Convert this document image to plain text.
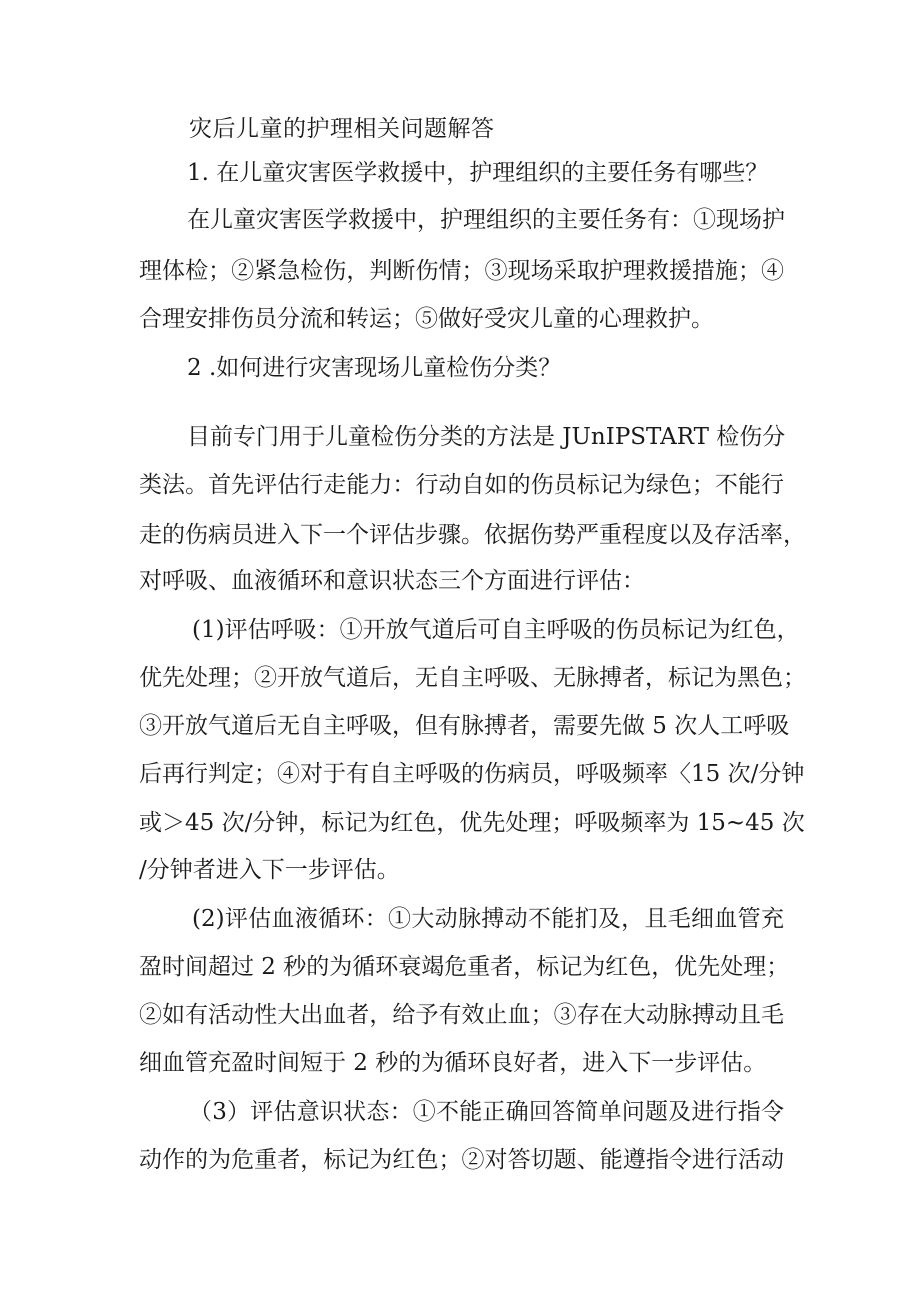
灾后儿童的护理相关问题解答
1. 在儿童灾害医学救援中，护理组织的主要任务有哪些？
在儿童灾害医学救援中，护理组织的主要任务有：①现场护
理体检；②紧急检伤，判断伤情；③现场采取护理救援措施；④
合理安排伤员分流和转运；⑤做好受灾儿童的心理救护。
2 .如何进行灾害现场儿童检伤分类？
目前专门用于儿童检伤分类的方法是 JUnIPSTART 检伤分
类法。首先评估行走能力：行动自如的伤员标记为绿色；不能行
走的伤病员进入下一个评估步骤。依据伤势严重程度以及存活率，
对呼吸、血液循环和意识状态三个方面进行评估：
(1)评估呼吸：①开放气道后可自主呼吸的伤员标记为红色，
优先处理；②开放气道后，无自主呼吸、无脉搏者，标记为黑色；
③开放气道后无自主呼吸，但有脉搏者，需要先做 5 次人工呼吸
后再行判定；④对于有自主呼吸的伤病员，呼吸频率〈15 次/分钟
或＞45 次/分钟，标记为红色，优先处理；呼吸频率为 15~45 次
/分钟者进入下一步评估。
(2)评估血液循环：①大动脉搏动不能扪及，且毛细血管充
盈时间超过 2 秒的为循环衰竭危重者，标记为红色，优先处理；
②如有活动性大出血者，给予有效止血；③存在大动脉搏动且毛
细血管充盈时间短于 2 秒的为循环良好者，进入下一步评估。
（3）评估意识状态：①不能正确回答简单问题及进行指令
动作的为危重者，标记为红色；②对答切题、能遵指令进行活动
